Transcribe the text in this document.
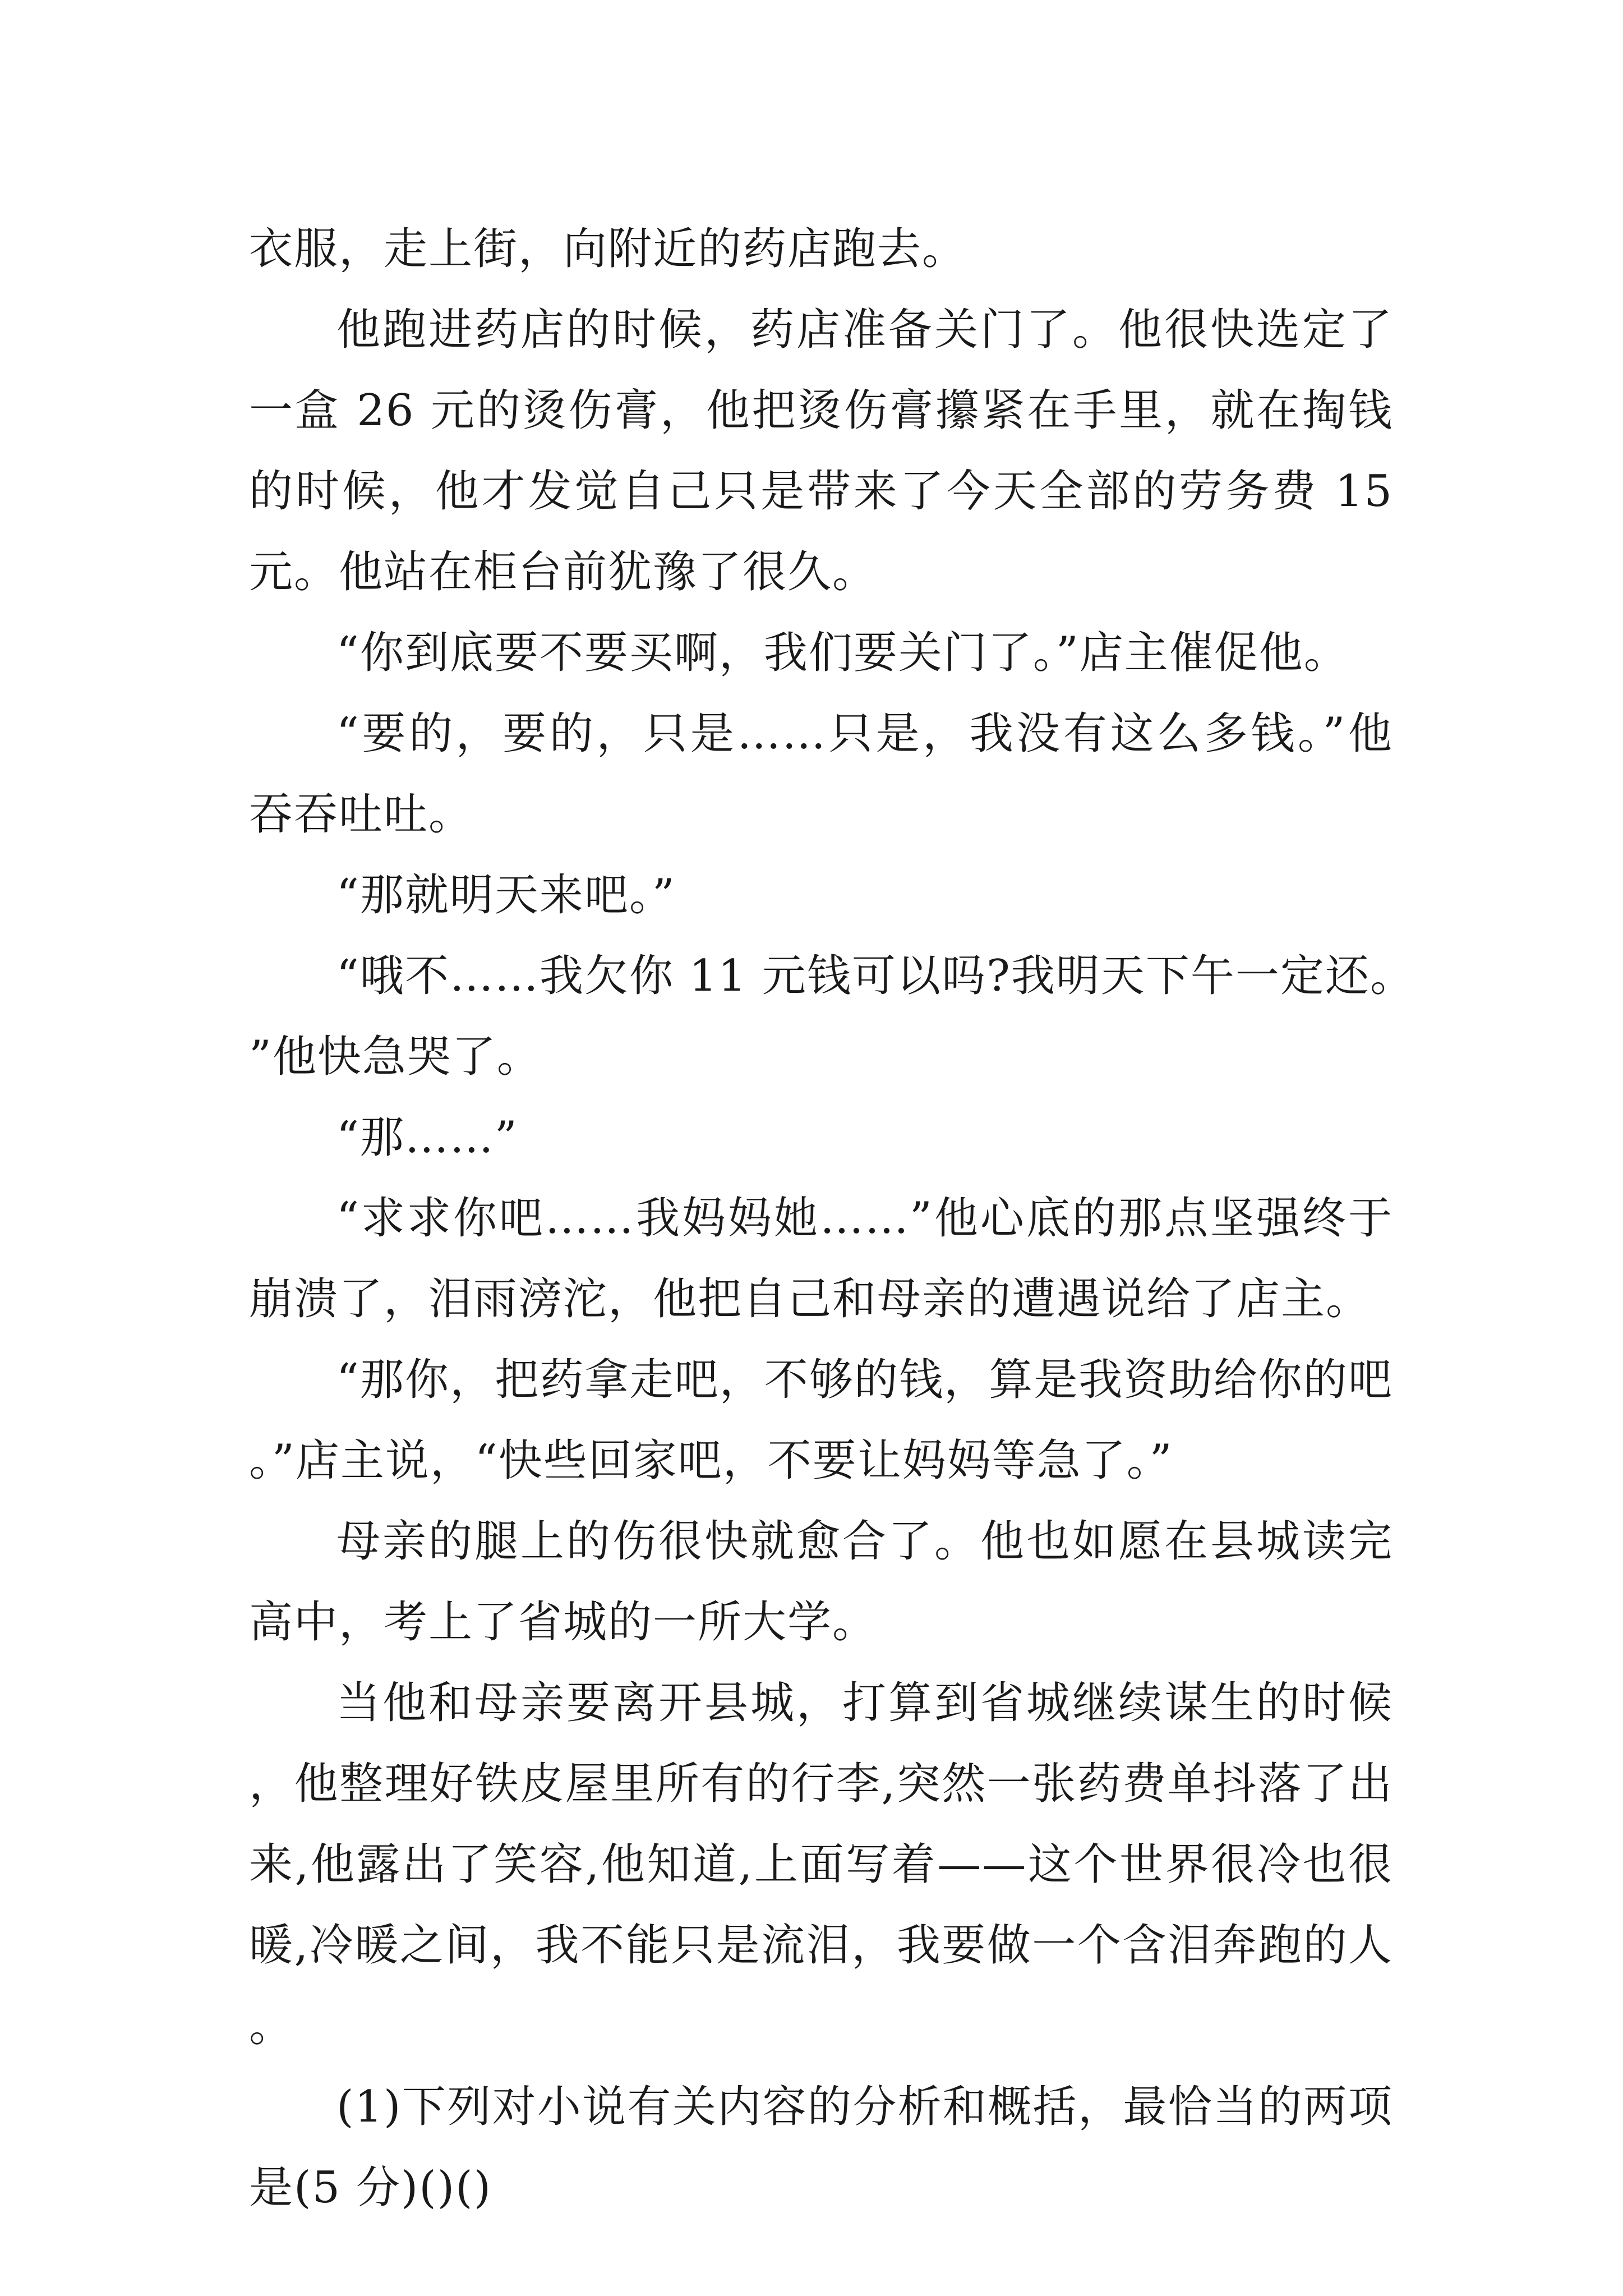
衣服，走上街，向附近的药店跑去。

他跑进药店的时候，药店准备关门了。他很快选定了一盒 26 元的烫伤膏，他把烫伤膏攥紧在手里，就在掏钱的时候，他才发觉自己只是带来了今天全部的劳务费 15 元。他站在柜台前犹豫了很久。

“你到底要不要买啊，我们要关门了。”店主催促他。

“要的，要的，只是……只是，我没有这么多钱。”他吞吞吐吐。

“那就明天来吧。”

“哦不……我欠你 11 元钱可以吗?我明天下午一定还。”他快急哭了。

“那……”

“求求你吧……我妈妈她……”他心底的那点坚强终于崩溃了，泪雨滂沱，他把自己和母亲的遭遇说给了店主。

“那你，把药拿走吧，不够的钱，算是我资助给你的吧。”店主说，“快些回家吧，不要让妈妈等急了。”

母亲的腿上的伤很快就愈合了。他也如愿在县城读完高中，考上了省城的一所大学。

当他和母亲要离开县城，打算到省城继续谋生的时候，他整理好铁皮屋里所有的行李,突然一张药费单抖落了出来,他露出了笑容,他知道,上面写着——这个世界很冷也很暖,冷暖之间，我不能只是流泪，我要做一个含泪奔跑的人。

(1)下列对小说有关内容的分析和概括，最恰当的两项是(5 分)()()
